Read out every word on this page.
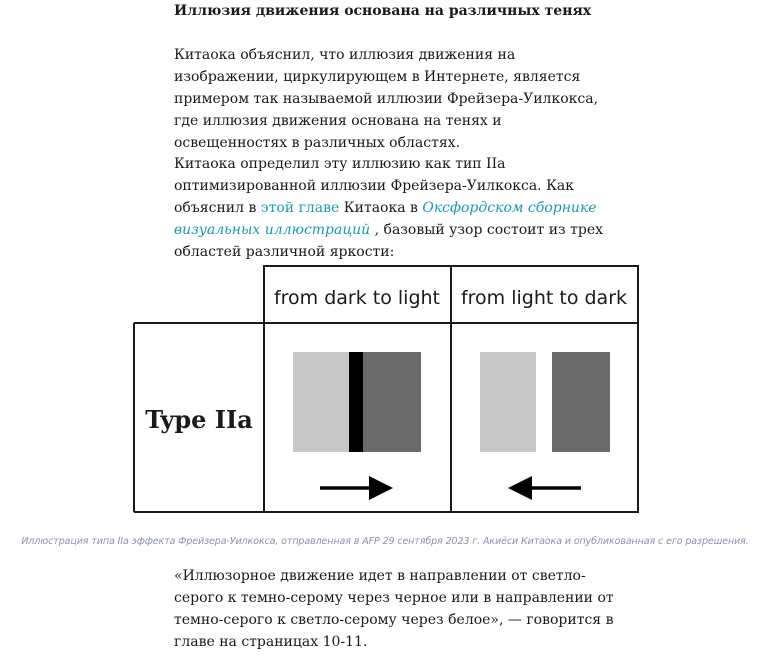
Иллюзия движения основана на различных тенях
Китаока объяснил, что иллюзия движения на изображении, циркулирующем в Интернете, является примером так называемой иллюзии Фрейзера-Уилкокса, где иллюзия движения основана на тенях и освещенностях в различных областях.
Китаока определил эту иллюзию как тип IIa оптимизированной иллюзии Фрейзера-Уилкокса. Как объяснил в этой главе Китаока в Оксфордском сборнике визуальных иллюстраций , базовый узор состоит из трех областей различной яркости:
from dark to light from light to dark
Type IIa
Иллюстрация типа IIa эффекта Фрейзера-Уилкокса, отправленная в AFP 29 сентября 2023 г. Акиёси Китаока и опубликованная с его разрешения.
«Иллюзорное движение идет в направлении от светло-серого к темно-серому через черное или в направлении от темно-серого к светло-серому через белое», — говорится в главе на страницах 10-11.
